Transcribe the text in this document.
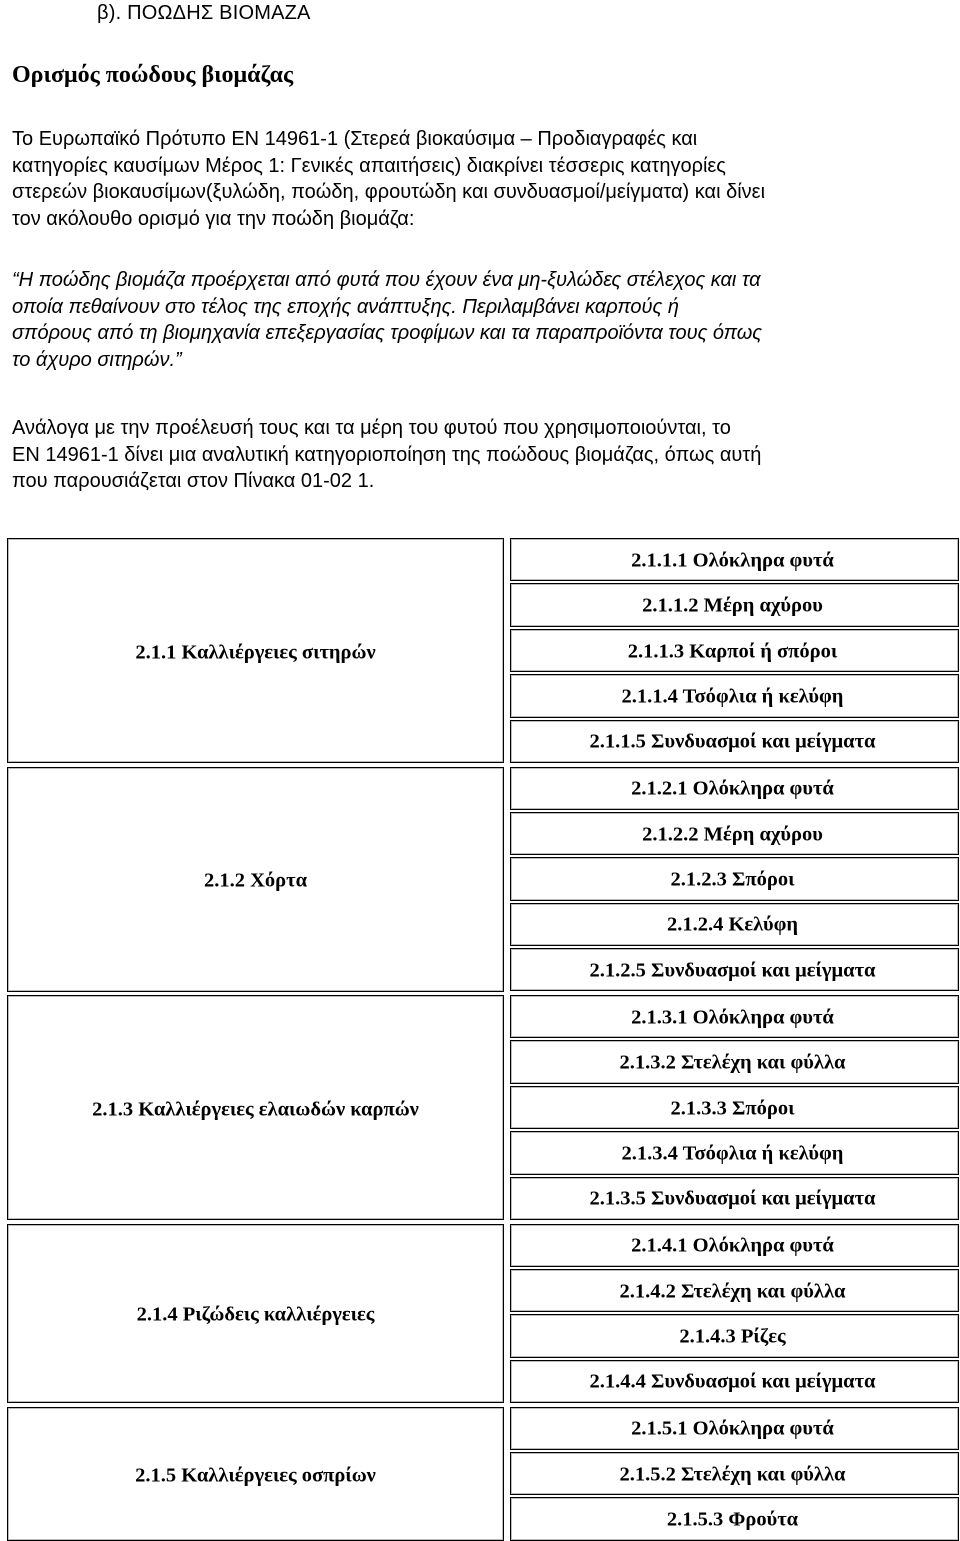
β). ΠΟΩΔΗΣ ΒΙΟΜΑΖΑ
Ορισμός ποώδους βιομάζας
Το Ευρωπαϊκό Πρότυπο ΕΝ 14961-1 (Στερεά βιοκαύσιμα – Προδιαγραφές και
κατηγορίες καυσίμων Μέρος 1: Γενικές απαιτήσεις) διακρίνει τέσσερις κατηγορίες
στερεών βιοκαυσίμων(ξυλώδη, ποώδη, φρουτώδη και συνδυασμοί/μείγματα) και δίνει
τον ακόλουθο ορισμό για την ποώδη βιομάζα:
“Η ποώδης βιομάζα προέρχεται από φυτά που έχουν ένα μη-ξυλώδες στέλεχος και τα
οποία πεθαίνουν στο τέλος της εποχής ανάπτυξης. Περιλαμβάνει καρπούς ή
σπόρους από τη βιομηχανία επεξεργασίας τροφίμων και τα παραπροϊόντα τους όπως
το άχυρο σιτηρών.”
Ανάλογα με την προέλευσή τους και τα μέρη του φυτού που χρησιμοποιούνται, το
ΕΝ 14961-1 δίνει μια αναλυτική κατηγοριοποίηση της ποώδους βιομάζας, όπως αυτή
που παρουσιάζεται στον Πίνακα 01-02 1.
2.1.1 Καλλιέργειες σιτηρών
2.1.1.1 Ολόκληρα φυτά
2.1.1.2 Μέρη αχύρου
2.1.1.3 Καρποί ή σπόροι
2.1.1.4 Τσόφλια ή κελύφη
2.1.1.5 Συνδυασμοί και μείγματα
2.1.2 Χόρτα
2.1.2.1 Ολόκληρα φυτά
2.1.2.2 Μέρη αχύρου
2.1.2.3 Σπόροι
2.1.2.4 Κελύφη
2.1.2.5 Συνδυασμοί και μείγματα
2.1.3 Καλλιέργειες ελαιωδών καρπών
2.1.3.1 Ολόκληρα φυτά
2.1.3.2 Στελέχη και φύλλα
2.1.3.3 Σπόροι
2.1.3.4 Τσόφλια ή κελύφη
2.1.3.5 Συνδυασμοί και μείγματα
2.1.4 Ριζώδεις καλλιέργειες
2.1.4.1 Ολόκληρα φυτά
2.1.4.2 Στελέχη και φύλλα
2.1.4.3 Ρίζες
2.1.4.4 Συνδυασμοί και μείγματα
2.1.5 Καλλιέργειες οσπρίων
2.1.5.1 Ολόκληρα φυτά
2.1.5.2 Στελέχη και φύλλα
2.1.5.3 Φρούτα
